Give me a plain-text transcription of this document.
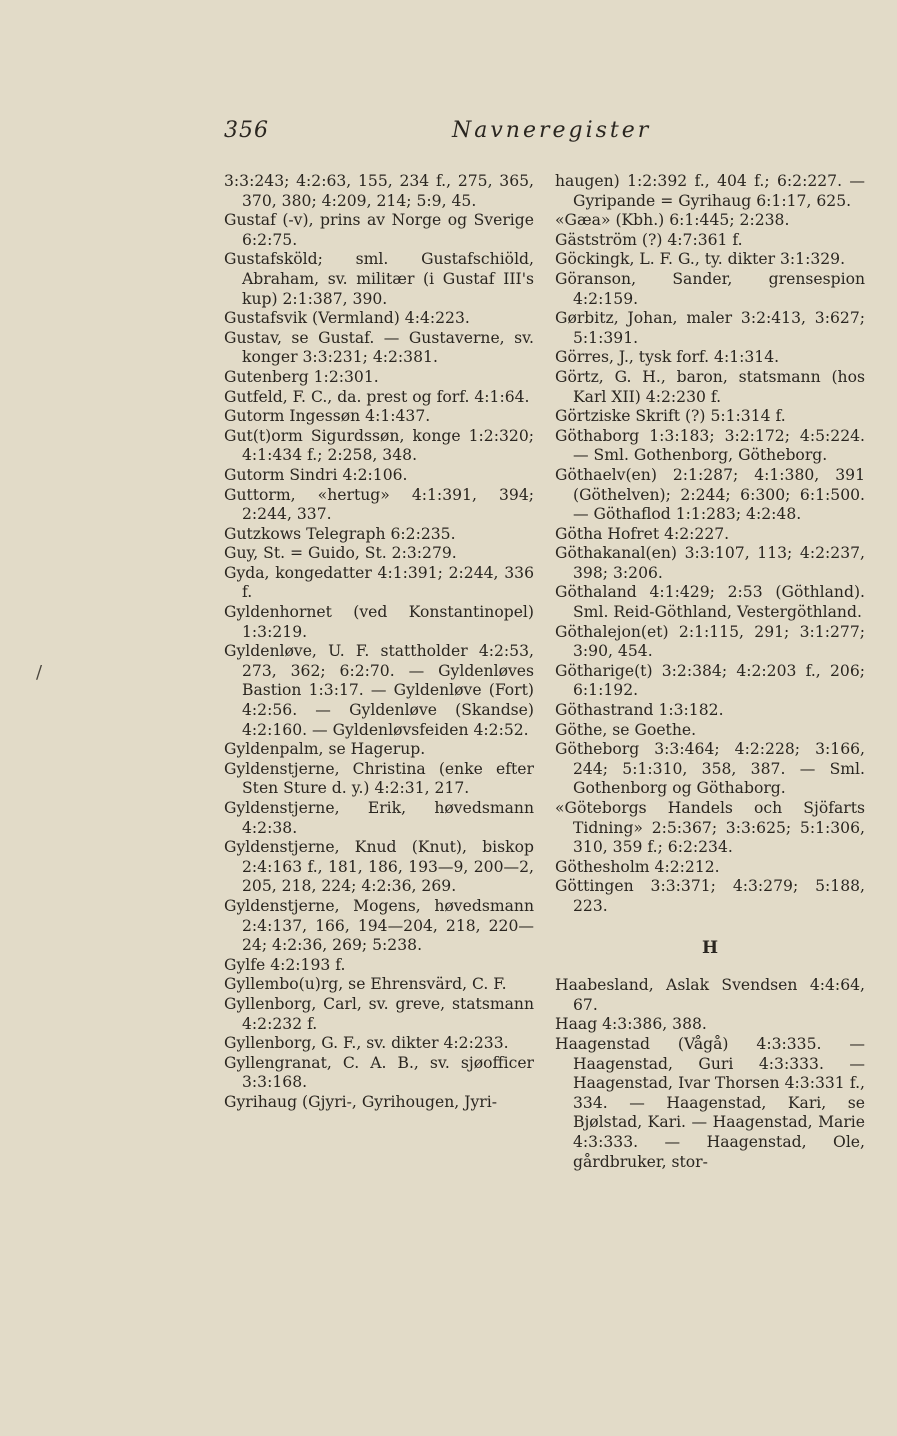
356	Navneregister
/

3:3:243; 4:2:63, 155, 234 f., 275, 365, 370, 380; 4:209, 214; 5:9, 45.

Gustaf (-v), prins av Norge og Sverige 6:2:75.

Gustafsköld; sml. Gustafschiöld, Abraham, sv. militær (i Gustaf III's kup) 2:1:387, 390.

Gustafsvik (Vermland) 4:4:223.

Gustav, se Gustaf. — Gustaverne, sv. konger 3:3:231; 4:2:381.

Gutenberg 1:2:301.

Gutfeld, F. C., da. prest og forf. 4:1:64.

Gutorm Ingessøn 4:1:437.

Gut(t)orm Sigurdssøn, konge 1:2:320; 4:1:434 f.; 2:258, 348.

Gutorm Sindri 4:2:106.

Guttorm, «hertug» 4:1:391, 394; 2:244, 337.

Gutzkows Telegraph 6:2:235.

Guy, St. = Guido, St. 2:3:279.

Gyda, kongedatter 4:1:391; 2:244, 336 f.

Gyldenhornet (ved Konstantinopel) 1:3:219.

Gyldenløve, U. F. stattholder 4:2:53, 273, 362; 6:2:70. — Gyldenløves Bastion 1:3:17. — Gyldenløve (Fort) 4:2:56. — Gyldenløve (Skandse) 4:2:160. — Gyldenløvsfeiden 4:2:52.

Gyldenpalm, se Hagerup.

Gyldenstjerne, Christina (enke efter Sten Sture d. y.) 4:2:31, 217.

Gyldenstjerne, Erik, høvedsmann 4:2:38.

Gyldenstjerne, Knud (Knut), biskop 2:4:163 f., 181, 186, 193—9, 200—2, 205, 218, 224; 4:2:36, 269.

Gyldenstjerne, Mogens, høvedsmann 2:4:137, 166, 194—204, 218, 220—24; 4:2:36, 269; 5:238.

Gylfe 4:2:193 f.

Gyllembo(u)rg, se Ehrensvärd, C. F.

Gyllenborg, Carl, sv. greve, statsmann 4:2:232 f.

Gyllenborg, G. F., sv. dikter 4:2:233.

Gyllengranat, C. A. B., sv. sjøofficer 3:3:168.

Gyrihaug (Gjyri-, Gyrihougen, Jyri-

haugen) 1:2:392 f., 404 f.; 6:2:227. — Gyripande = Gyrihaug 6:1:17, 625.

«Gæa» (Kbh.) 6:1:445; 2:238.

Gästström (?) 4:7:361 f.

Göckingk, L. F. G., ty. dikter 3:1:329.

Göranson, Sander, grensespion 4:2:159.

Gørbitz, Johan, maler 3:2:413, 3:627; 5:1:391.

Görres, J., tysk forf. 4:1:314.

Görtz, G. H., baron, statsmann (hos Karl XII) 4:2:230 f.

Görtziske Skrift (?) 5:1:314 f.

Göthaborg 1:3:183; 3:2:172; 4:5:224. — Sml. Gothenborg, Götheborg.

Göthaelv(en) 2:1:287; 4:1:380, 391 (Göthelven); 2:244; 6:300; 6:1:500. — Göthaflod 1:1:283; 4:2:48.

Götha Hofret 4:2:227.

Göthakanal(en) 3:3:107, 113; 4:2:237, 398; 3:206.

Göthaland 4:1:429; 2:53 (Göthland). Sml. Reid-Göthland, Vestergöthland.

Göthalejon(et) 2:1:115, 291; 3:1:277; 3:90, 454.

Götharige(t) 3:2:384; 4:2:203 f., 206; 6:1:192.

Göthastrand 1:3:182.

Göthe, se Goethe.

Götheborg 3:3:464; 4:2:228; 3:166, 244; 5:1:310, 358, 387. — Sml. Gothenborg og Göthaborg.

«Göteborgs Handels och Sjöfarts Tidning» 2:5:367; 3:3:625; 5:1:306, 310, 359 f.; 6:2:234.

Göthesholm 4:2:212.

Göttingen 3:3:371; 4:3:279; 5:188, 223.

H

Haabesland, Aslak Svendsen 4:4:64, 67.

Haag 4:3:386, 388.

Haagenstad (Vågå) 4:3:335. — Haagenstad, Guri 4:3:333. — Haagenstad, Ivar Thorsen 4:3:331 f., 334. — Haagenstad, Kari, se Bjølstad, Kari. — Haagenstad, Marie 4:3:333. — Haagenstad, Ole, gårdbruker, stor-
